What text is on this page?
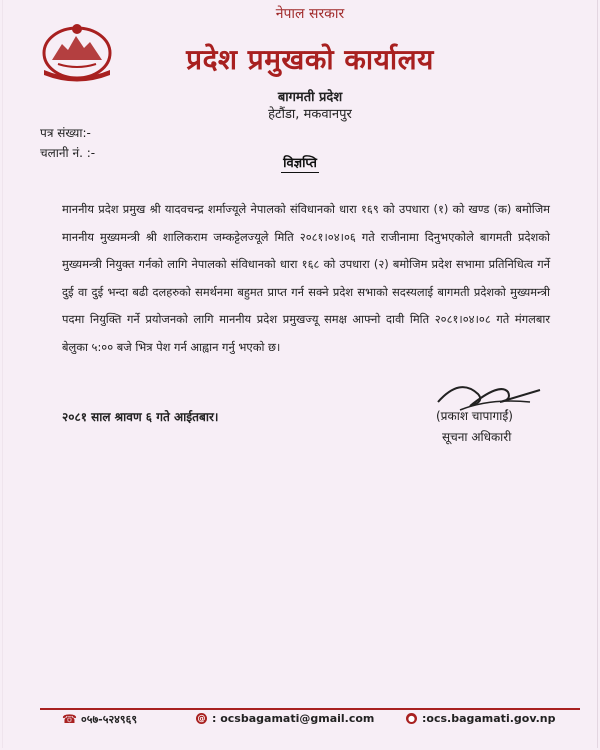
नेपाल सरकार
प्रदेश प्रमुखको कार्यालय
बागमती प्रदेश
हेटौंडा, मकवानपुर
पत्र संख्या:-
चलानी नं. :-
विज्ञप्ति
माननीय प्रदेश प्रमुख श्री यादवचन्द्र शर्माज्यूले नेपालको संविधानको धारा १६९ को उपधारा (१) को खण्ड (क) बमोजिम माननीय मुख्यमन्त्री श्री शालिकराम जम्कट्टेलज्यूले मिति २०८१।०४।०६ गते राजीनामा दिनुभएकोले बागमती प्रदेशको मुख्यमन्त्री नियुक्त गर्नको लागि नेपालको संविधानको धारा १६८ को उपधारा (२) बमोजिम प्रदेश सभामा प्रतिनिधित्व गर्ने दुई वा दुई भन्दा बढी दलहरुको समर्थनमा बहुमत प्राप्त गर्न सक्ने प्रदेश सभाको सदस्यलाई बागमती प्रदेशको मुख्यमन्त्री पदमा नियुक्ति गर्ने प्रयोजनको लागि माननीय प्रदेश प्रमुखज्यू समक्ष आफ्नो दावी मिति २०८१।०४।०८ गते मंगलबार बेलुका ५:०० बजे भित्र पेश गर्न आह्वान गर्नु भएको छ।
२०८१ साल श्रावण ६ गते आईतबार।	(प्रकाश चापागाईं)
सूचना अधिकारी
☎ ०५७-५२४९६९	@ : ocsbagamati@gmail.com	● :ocs.bagamati.gov.np
